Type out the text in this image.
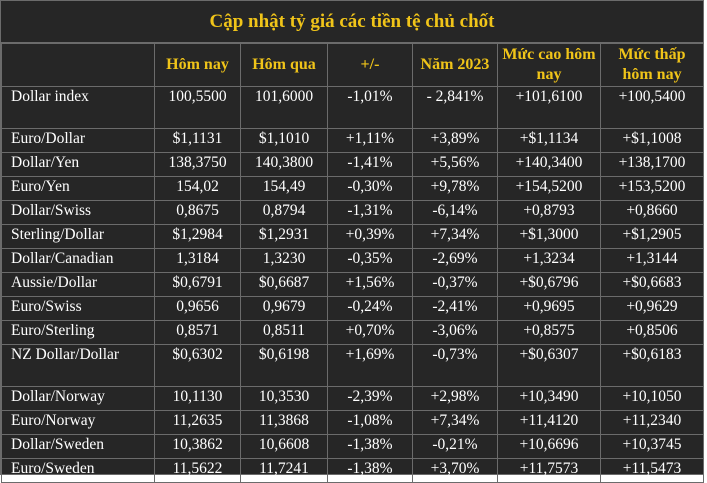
Cập nhật tỷ giá các tiền tệ chủ chốt
	Hôm nay	Hôm qua	+/-	Năm 2023	Mức cao hôm nay	Mức thấp hôm nay
Dollar index	100,5500	101,6000	-1,01%	- 2,841%	+101,6100	+100,5400
Euro/Dollar	$1,1131	$1,1010	+1,11%	+3,89%	+$1,1134	+$1,1008
Dollar/Yen	138,3750	140,3800	-1,41%	+5,56%	+140,3400	+138,1700
Euro/Yen	154,02	154,49	-0,30%	+9,78%	+154,5200	+153,5200
Dollar/Swiss	0,8675	0,8794	-1,31%	-6,14%	+0,8793	+0,8660
Sterling/Dollar	$1,2984	$1,2931	+0,39%	+7,34%	+$1,3000	+$1,2905
Dollar/Canadian	1,3184	1,3230	-0,35%	-2,69%	+1,3234	+1,3144
Aussie/Dollar	$0,6791	$0,6687	+1,56%	-0,37%	+$0,6796	+$0,6683
Euro/Swiss	0,9656	0,9679	-0,24%	-2,41%	+0,9695	+0,9629
Euro/Sterling	0,8571	0,8511	+0,70%	-3,06%	+0,8575	+0,8506
NZ Dollar/Dollar	$0,6302	$0,6198	+1,69%	-0,73%	+$0,6307	+$0,6183
Dollar/Norway	10,1130	10,3530	-2,39%	+2,98%	+10,3490	+10,1050
Euro/Norway	11,2635	11,3868	-1,08%	+7,34%	+11,4120	+11,2340
Dollar/Sweden	10,3862	10,6608	-1,38%	-0,21%	+10,6696	+10,3745
Euro/Sweden	11,5622	11,7241	-1,38%	+3,70%	+11,7573	+11,5473
